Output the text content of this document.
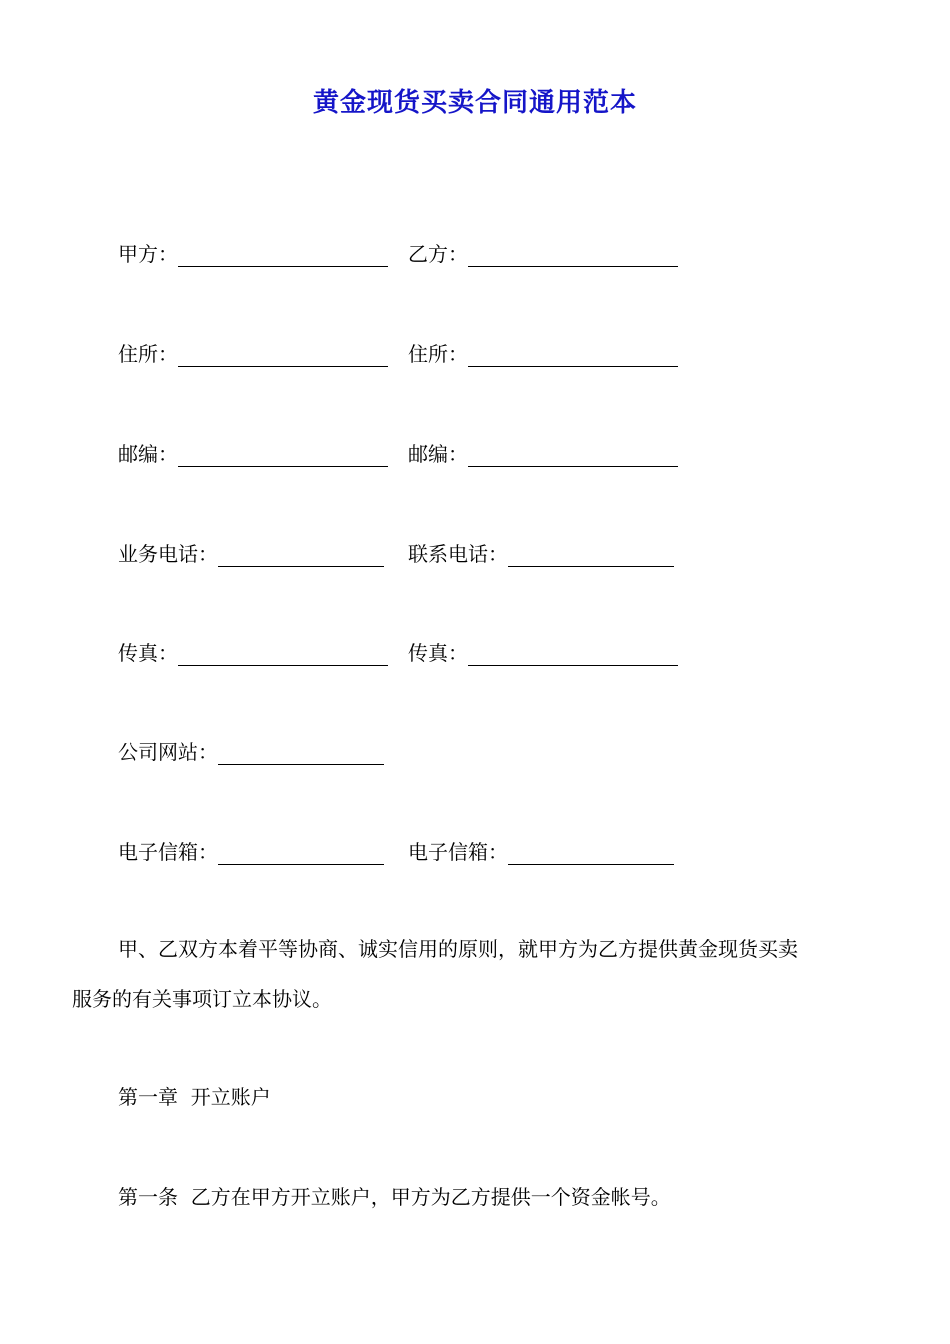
黄金现货买卖合同通用范本
甲方：	乙方：
住所：	住所：
邮编：	邮编：
业务电话：	联系电话：
传真：	传真：
公司网站：
电子信箱：	电子信箱：
甲、乙双方本着平等协商、诚实信用的原则，就甲方为乙方提供黄金现货买卖
服务的有关事项订立本协议。
第一章  开立账户
第一条  乙方在甲方开立账户，甲方为乙方提供一个资金帐号。
